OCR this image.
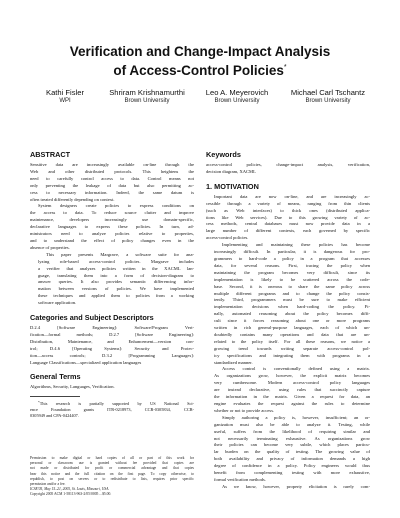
Verification and Change-Impact Analysis
of Access-Control Policies*
Kathi Fisler
WPI
Shriram Krishnamurthi
Brown University
Leo A. Meyerovich
Brown University
Michael Carl Tschantz
Brown University
ABSTRACT
Sensitive data are increasingly available on-line through the
Web and other distributed protocols. This heightens the
need to carefully control access to data. Control means not
only preventing the leakage of data but also permitting ac-
cess to necessary information. Indeed, the same datum is
often treated differently depending on context.
System designers create policies to express conditions on
the access to data. To reduce source clutter and improve
maintenance, developers increasingly use domain-specific,
declarative languages to express these policies. In turn, ad-
ministrators need to analyze policies relative to properties,
and to understand the effect of policy changes even in the
absence of properties.
This paper presents Margrave, a software suite for ana-
lyzing role-based access-control policies. Margrave includes
a verifier that analyzes policies written in the XACML lan-
guage, translating them into a form of decision-diagram to
answer queries. It also provides semantic differencing infor-
mation between versions of policies. We have implemented
these techniques and applied them to policies from a working
software application.
Categories and Subject Descriptors
D.2.4 [Software Engineering]: Software/Program Veri-
fication—formal methods; D.2.7 [Software Engineering]:
Distribution, Maintenance, and Enhancement—version con-
trol; D.4.6 [Operating Systems]: Security and Protec-
tion—access controls; D.3.2 [Programming Languages]:
Language Classifications—specialized application languages
General Terms
Algorithms, Security, Languages, Verification.
*This research is partially supported by US National Sci-
ence Foundation grants ITR-0218973, CCR-0305834, CCR-
0305949 and CPA-0424407.
Permission to make digital or hard copies of all or part of this work for
personal or classroom use is granted without fee provided that copies are
not made or distributed for profit or commercial advantage and that copies
bear this notice and the full citation on the first page. To copy otherwise, to
republish, to post on servers or to redistribute to lists, requires prior specific
permission and/or a fee.
ICSE'05, May 15–21, 2005, St. Louis, Missouri, USA.
Copyright 2005 ACM 1-58113-963-2/05/0005 ...$5.00.
Keywords
access-control policies, change-impact analysis, verification,
decision diagram, XACML
1. MOTIVATION
Important data are now on-line, and are increasingly ac-
cessible through a variety of means, ranging from thin clients
(such as Web interfaces) to thick ones (distributed applica-
tions like Web services). Due to this growing variety of ac-
cess methods, central databases must now provide data in a
large number of different contexts, each governed by specific
access-control policies.
Implementing and maintaining these policies has become
increasingly difficult. In particular, it is dangerous for pro-
grammers to hard-code a policy in a program that accesses
data, for several reasons. First, tracing the policy when
maintaining the program becomes very difficult, since its
implementation is likely to be scattered across the code-
base. Second, it is onerous to share the same policy across
multiple different programs and to change the policy consis-
tently. Third, programmers must be sure to make efficient
implementation decisions when hard-coding the policy. Fi-
nally, automated reasoning about the policy becomes diffi-
cult since it forces reasoning about one or more programs
written in rich general-purpose languages, each of which un-
doubtedly contains many operations and data that are un-
related to the policy itself. For all these reasons, we notice a
growing trend towards writing separate access-control pol-
icy specifications and integrating them with programs in a
standardized manner.
Access control is conventionally defined using a matrix.
As organizations grow, however, the explicit matrix becomes
very cumbersome. Modern access-control policy languages
are instead declarative, using rules that succinctly capture
the information in the matrix. Given a request for data, an
engine evaluates the request against the rules to determine
whether or not to provide access.
Simply authoring a policy is, however, insufficient; an or-
ganization must also be able to analyze it. Testing, while
useful, suffers from the likelihood of requiring similar and
not necessarily terminating exhaustive. As organizations grow
their policies can become very subtle, which places particu-
lar burden on the quality of testing. The growing value of
both availability and privacy of information demands a high
degree of confidence in a policy. Policy engineers would thus
benefit from complementing testing with more exhaustive,
formal verification methods.
As we know, however, property elicitation is rarely com-
